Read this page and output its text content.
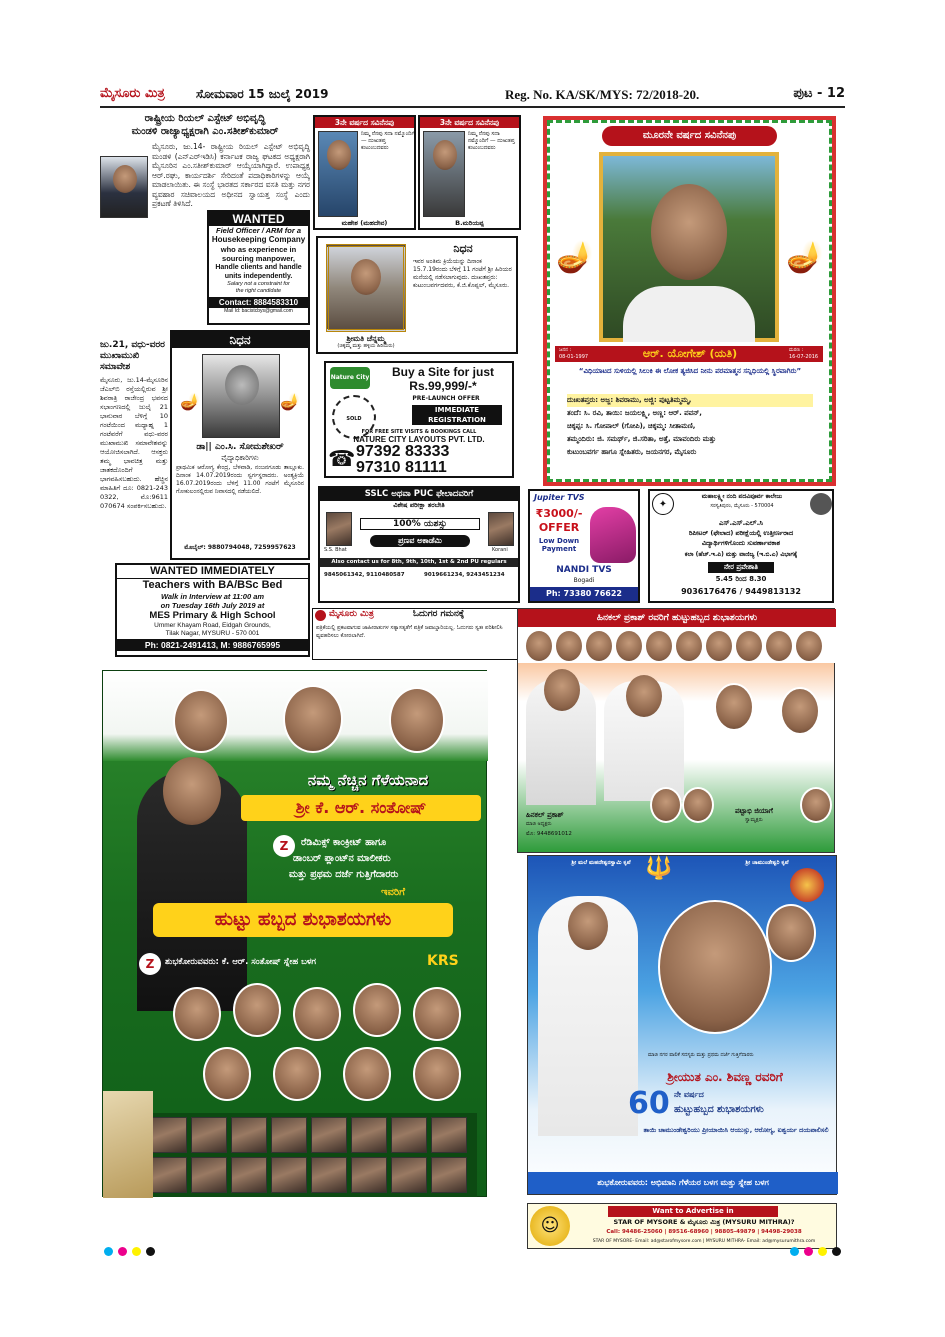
ಮೈಸೂರು ಮಿತ್ರ	ಸೋಮವಾರ 15 ಜುಲೈ 2019	Reg. No. KA/SK/MYS: 72/2018-20.	ಪುಟ - 12
ರಾಷ್ಟ್ರೀಯ ರಿಯಲ್ ಎಸ್ಟೇಟ್ ಅಭಿವೃದ್ಧಿ
ಮಂಡಳಿ ರಾಜ್ಯಾಧ್ಯಕ್ಷರಾಗಿ ಎಂ.ಸತೀಶ್‌ಕುಮಾರ್
ಮೈಸೂರು, ಜು.14- ರಾಷ್ಟ್ರೀಯ ರಿಯಲ್ ಎಸ್ಟೇಟ್ ಅಭಿವೃದ್ಧಿ ಮಂಡಳಿ (ಎನ್‌ಎರ್‌ಇಡಿಸಿ) ಕರ್ನಾಟಕ ರಾಜ್ಯ ಘಟಕದ ಅಧ್ಯಕ್ಷರಾಗಿ ಮೈಸೂರಿನ ಎಂ.ಸತೀಶ್‌ಕುಮಾರ್ ಆಯ್ಕೆಯಾಗಿದ್ದಾರೆ. ಉಪಾಧ್ಯಕ್ಷ ಆರ್.ರಘು, ಕಾರ್ಯದರ್ಶಿ ಸೇರಿದಂತೆ ಪದಾಧಿಕಾರಿಗಳನ್ನು ಆಯ್ಕೆ ಮಾಡಲಾಯಿತು. ಈ ಸಂಸ್ಥೆ ಭಾರತದ ಸರ್ಕಾರದ ವಸತಿ ಮತ್ತು ನಗರ ವ್ಯವಹಾರ ಸಚಿವಾಲಯದ ಅಧೀನದ ಸ್ವಾಯತ್ತ ಸಂಸ್ಥೆ ಎಂದು ಪ್ರಕಟಣೆ ತಿಳಿಸಿದೆ.
WANTED
Field Officer / ARM for a
Housekeeping Company
who as experience in
sourcing manpower,
Handle clients and handle
units independently.
Salary not a constraint for
the right candidate
Contact: 8884583310
Mail Id: bacistcbys@gmail.com
ಜು.21, ವಧು-ವರರ
ಮುಖಾಮುಖಿ ಸಮಾವೇಶ
ಮೈಸೂರು, ಜು.14-ಮೈಸೂರಿನ ಜೆಎಲ್‌ಬಿ ರಸ್ತೆಯಲ್ಲಿರುವ ಶ್ರೀ ಶಿವರಾತ್ರಿ ರಾಜೇಂದ್ರ ಭವನದ ಸಭಾಂಗಣದಲ್ಲಿ ಜುಲೈ 21 ಭಾನುವಾರ ಬೆಳಿಗ್ಗೆ 10 ಗಂಟೆಯಿಂದ ಮಧ್ಯಾಹ್ನ 1 ಗಂಟೆವರೆಗೆ ವಧು-ವರರ ಮುಖಾಮುಖಿ ಸಮಾವೇಶವನ್ನು ಆಯೋಜಿಸಲಾಗಿದೆ. ಆಸಕ್ತರು ತಮ್ಮ ಭಾವಚಿತ್ರ ಮತ್ತು ಜಾತಕದೊಂದಿಗೆ ಭಾಗವಹಿಸಬಹುದು. ಹೆಚ್ಚಿನ ಮಾಹಿತಿಗೆ ದೂ: 0821-243 0322, ಮೊ:9611 070674 ಸಂಪರ್ಕಿಸಬಹುದು.
ನಿಧನ
🪔	🪔
ಡಾ|| ಎಂ.ಸಿ. ಸೋಮಶೇಖರ್
ವೈದ್ಯಾಧಿಕಾರಿಗಳು
ಪ್ರಾಥಮಿಕ ಆರೋಗ್ಯ ಕೇಂದ್ರ, ಬೆಳವಾಡಿ, ನಂಜನಗೂಡು ತಾಲ್ಲೂಕು. ದಿನಾಂಕ 14.07.2019ರಂದು ಸ್ವರ್ಗಸ್ಥರಾದರು. ಅಂತ್ಯಕ್ರಿಯೆ 16.07.2019ರಂದು ಬೆಳಿಗ್ಗೆ 11.00 ಗಂಟೆಗೆ ಮೈಸೂರಿನ ಗೋಕುಲಂನಲ್ಲಿರುವ ನಿವಾಸದಲ್ಲಿ ನಡೆಯಲಿದೆ.
ಮೊಬೈಲ್: 9880794048, 7259957623
WANTED IMMEDIATELY
Teachers with BA/BSc Bed
Walk in Interview at 11:00 am
on Tuesday 16th July 2019 at
MES Primary & High School
Ummer Khayam Road, Eidgah Grounds,
Tilak Nagar, MYSURU - 570 001
Ph: 0821-2491413, M: 9886765995
3ನೇ ವರ್ಷದ ಸವಿನೆನಪು
ನಿಮ್ಮ ನೆನಪು ಸದಾ ನಮ್ಮೊಂದಿಗೆ — ದುಃಖತಪ್ತ ಕುಟುಂಬದವರು
ಮಹೇಶ (ಮಹದೇವ)
3ನೇ ವರ್ಷದ ಸವಿನೆನಪು
ನಿಮ್ಮ ನೆನಪು ಸದಾ ನಮ್ಮೊಂದಿಗೆ — ದುಃಖತಪ್ತ ಕುಟುಂಬದವರು
B.ಮರಿಯಪ್ಪ
ನಿಧನ
ಇವರ ಅಂತಿಮ ಕ್ರಿಯೆಯನ್ನು ದಿನಾಂಕ 15.7.19ರಂದು ಬೆಳಿಗ್ಗೆ 11 ಗಂಟೆಗೆ ಶ್ರೀ ಹಿರಿಯರ ಮನೆಯಲ್ಲಿ ನಡೆಸಲಾಗುವುದು. ದುಃಖತಪ್ತರು: ಕುಟುಂಬವರ್ಗದವರು, ಕೆ.ಜಿ.ಕೊಪ್ಪಲ್, ಮೈಸೂರು.
ಶ್ರೀಮತಿ ಚೆನ್ನಮ್ಮ
(ಚಿಕ್ಕಮ್ಮ ಮತ್ತು ಹಳ್ಳಿಯ ಹಿರಿಯರು)
Nature City	Buy a Site for just
Rs.99,999/-*
PRE-LAUNCH OFFER
SOLD
IMMEDIATE REGISTRATION
FOR FREE SITE VISITS & BOOKINGS CALL
NATURE CITY LAYOUTS PVT. LTD.
☎ 97392 83333
97310 81111
ಮೂರನೇ ವರ್ಷದ ಸವಿನೆನಪು
🪔	🪔
ಜನನ :
08-01-1997	ಆರ್. ಯೋಗೇಶ್ (ಯತಿ)	ಮರಣ :
16-07-2016
“ವಿಧಿಯಾಟದ ಸುಳಿಯಲ್ಲಿ ಸಿಲುಕಿ ಈ ಲೋಕ ತ್ಯಜಿಸಿದ ನೀನು ಪರಮಾತ್ಮನ ಸನ್ನಿಧಿಯಲ್ಲಿ ಸ್ಥಿರವಾಗಿರು”
ದುಃಖತಪ್ತರು: ಅಜ್ಜ: ಶಿವರಾಮು, ಅಜ್ಜಿ: ಪುಟ್ಟತಿಮ್ಮಮ್ಮ,
ತಂದೆ: ಸಿ. ರವಿ, ತಾಯಿ: ಜಯಲಕ್ಷ್ಮಿ, ಅಣ್ಣ: ಆರ್. ಪವನ್,
ಚಿಕ್ಕಪ್ಪ: ಸಿ. ಗೋಪಾಲ್ (ಗೋಪಿ), ಚಿಕ್ಕಮ್ಮ: ಸೀತಾಮಣಿ,
ತಮ್ಮಂದಿರು: ಜಿ. ಸಮರ್ಥ್, ಜಿ.ಸರಿತಾ, ಅತ್ತೆ, ಮಾವಂದಿರು ಮತ್ತು
ಕುಟುಂಬವರ್ಗ ಹಾಗೂ ಸ್ನೇಹಿತರು, ಜಯನಗರ, ಮೈಸೂರು
SSLC ಅಥವಾ PUC ಫೇಲಾದವರಿಗೆ
ವಿಶೇಷ ಪರೀಕ್ಷಾ ತರಬೇತಿ
S.S. Bhat	Korani
100% ಯಶಸ್ಸು
ಪ್ರಣವ ಅಕಾಡೆಮಿ
Also contact us for 8th, 9th, 10th, 1st & 2nd PU regulars
9845061342, 9110480587	9019661234, 9243451234
Jupiter TVS
₹3000/-
OFFER
Low Down Payment
NANDI TVS
Bogadi
Ph: 73380 76622
✦
ಮಹಾಲಕ್ಷ್ಮೀ ನಂದಿ ಪದವಿಪೂರ್ವ ಕಾಲೇಜು
ಸರಸ್ವತಿಪುರಂ, ಮೈಸೂರು - 570004
ಎಸ್.ಎಸ್.ಎಲ್.ಸಿ
ರಿಪೀಟರ್ (ಫೇಲಾದ) ಪರೀಕ್ಷೆಯಲ್ಲಿ ಉತ್ತೀರ್ಣರಾದ
ವಿದ್ಯಾರ್ಥಿಗಳಿಗೊಂದು ಸುವರ್ಣಾವಕಾಶ
ಕಲಾ (ಹೆಚ್.ಇ.ಪಿ) ಮತ್ತು ವಾಣಿಜ್ಯ (ಇ.ಬಿ.ಎ) ವಿಭಾಗಕ್ಕೆ
ನೇರ ಪ್ರವೇಶಾತಿ
5.45 ರಿಂದ 8.30
9036176476 / 9449813132
ಮೈಸೂರು ಮಿತ್ರ	ಓದುಗರ ಗಮನಕ್ಕೆ
ಪತ್ರಿಕೆಯಲ್ಲಿ ಪ್ರಕಟವಾಗುವ ಜಾಹೀರಾತುಗಳ ಸತ್ಯಾಸತ್ಯತೆಗೆ ಪತ್ರಿಕೆ ಜವಾಬ್ದಾರಿಯಲ್ಲ. ಓದುಗರು ಸ್ವತಃ ಪರಿಶೀಲಿಸಿ ವ್ಯವಹರಿಸಲು ಕೋರಲಾಗಿದೆ.
ಹಿನಕಲ್ ಪ್ರಕಾಶ್ ರವರಿಗೆ ಹುಟ್ಟುಹಬ್ಬದ ಶುಭಾಶಯಗಳು
ಹಿನಕಲ್ ಪ್ರಕಾಶ್
ಮಾಜಿ ಅಧ್ಯಕ್ಷರು
ಮೊ: 9448691012
ಪಟ್ಟಾಭಿ ಜಿಯಾಗೆ
ಸ್ವಾಮ್ಯಕ್ಷರು
ನಮ್ಮ ನೆಚ್ಚಿನ ಗೆಳೆಯನಾದ
ಶ್ರೀ ಕೆ. ಆರ್. ಸಂತೋಷ್
Z	ರೆಡಿಮಿಕ್ಸ್ ಕಾಂಕ್ರೀಟ್ ಹಾಗೂ
ಡಾಂಬರ್ ಪ್ಲಾಂಟ್‌ನ ಮಾಲೀಕರು
ಮತ್ತು ಪ್ರಥಮ ದರ್ಜೆ ಗುತ್ತಿಗೆದಾರರು
ಇವರಿಗೆ
ಹುಟ್ಟು ಹಬ್ಬದ ಶುಭಾಶಯಗಳು
Z	ಶುಭಕೋರುವವರು: ಕೆ. ಆರ್. ಸಂತೋಷ್ ಸ್ನೇಹ ಬಳಗ	KRS
ಶ್ರೀ ಮಲೆ ಮಹದೇಶ್ವರಸ್ವಾಮಿ ಕೃಪೆ	ಶ್ರೀ ಚಾಮುಂಡೇಶ್ವರಿ ಕೃಪೆ
🔱
ಮಾಜಿ ನಗರ ಪಾಲಿಕೆ ಸದಸ್ಯರು ಮತ್ತು ಪ್ರಥಮ ದರ್ಜೆ ಗುತ್ತಿಗೆದಾರರು
ಶ್ರೀಯುತ ಎಂ. ಶಿವಣ್ಣ ರವರಿಗೆ
60 ನೇ ವರ್ಷದ
ಹುಟ್ಟುಹಬ್ಬದ ಶುಭಾಶಯಗಳು
ತಾಯಿ ಚಾಮುಂಡೇಶ್ವರಿಯು ಪ್ರೀಯಾಯಿಸಿ ಆಯುಸ್ಸು, ಆರೋಗ್ಯ, ಐಶ್ವರ್ಯ ದಯಪಾಲಿಸಲಿ
ಶುಭಕೋರುವವರು: ಅಭಿಮಾನಿ ಗೆಳೆಯರ ಬಳಗ ಮತ್ತು ಸ್ನೇಹ ಬಳಗ
☺
Want to Advertise in
STAR OF MYSORE & ಮೈಸೂರು ಮಿತ್ರ (MYSURU MITHRA)?
Call: 94486-25060 | 89516-68960 | 98805-49879 | 94498-29038
STAR OF MYSORE- Email: ad@starofmysore.com | MYSURU MITHRA- Email: ad@mysurumithra.com
